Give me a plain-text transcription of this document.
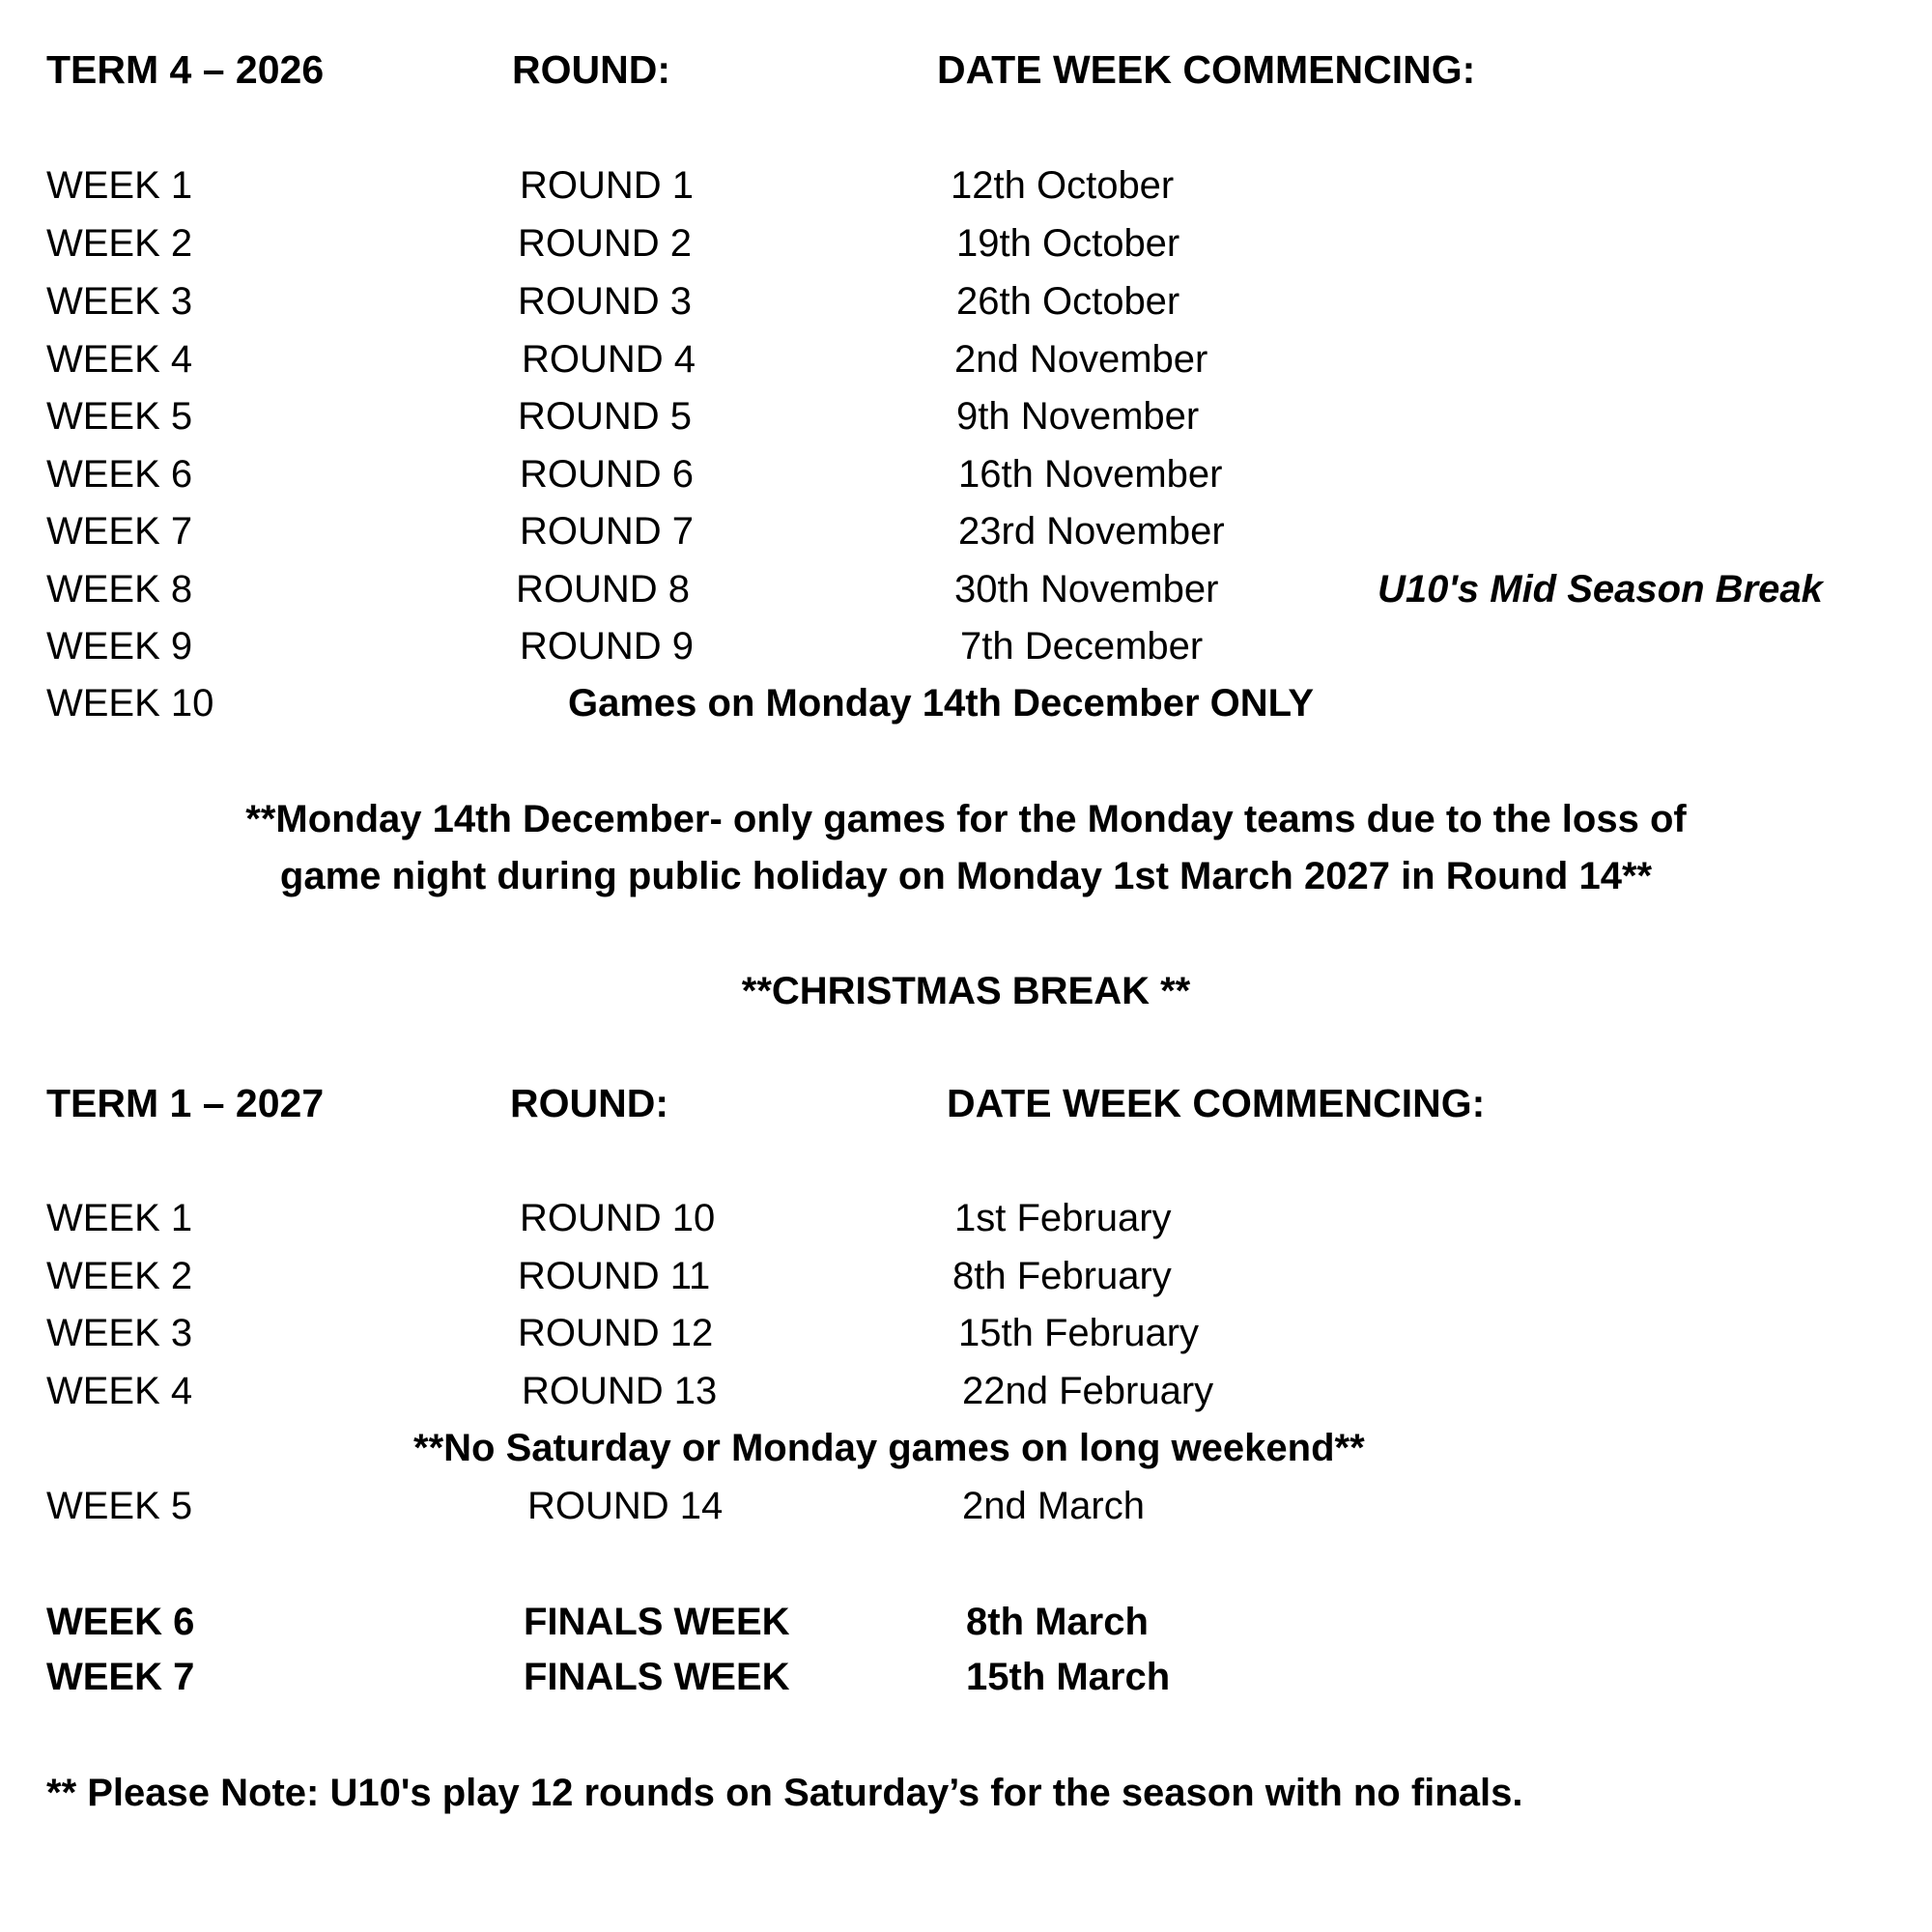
TERM 4 – 2026	ROUND:	DATE WEEK COMMENCING:

WEEK 1	ROUND 1	12th October

WEEK 2	ROUND 2	19th October

WEEK 3	ROUND 3	26th October

WEEK 4	ROUND 4	2nd November

WEEK 5	ROUND 5	9th November

WEEK 6	ROUND 6	16th November

WEEK 7	ROUND 7	23rd November

WEEK 8	ROUND 8	30th November	U10's Mid Season Break

WEEK 9	ROUND 9	7th December

WEEK 10	Games on Monday 14th December ONLY

**Monday 14th December- only games for the Monday teams due to the loss of

game night during public holiday on Monday 1st March 2027 in Round 14**

**CHRISTMAS BREAK **

TERM 1 – 2027	ROUND:	DATE WEEK COMMENCING:

WEEK 1	ROUND 10	1st February

WEEK 2	ROUND 11	8th February

WEEK 3	ROUND 12	15th February

WEEK 4	ROUND 13	22nd February

**No Saturday or Monday games on long weekend**

WEEK 5	ROUND 14	2nd March

WEEK 6	FINALS WEEK	8th March

WEEK 7	FINALS WEEK	15th March

** Please Note: U10's play 12 rounds on Saturday’s for the season with no finals.
